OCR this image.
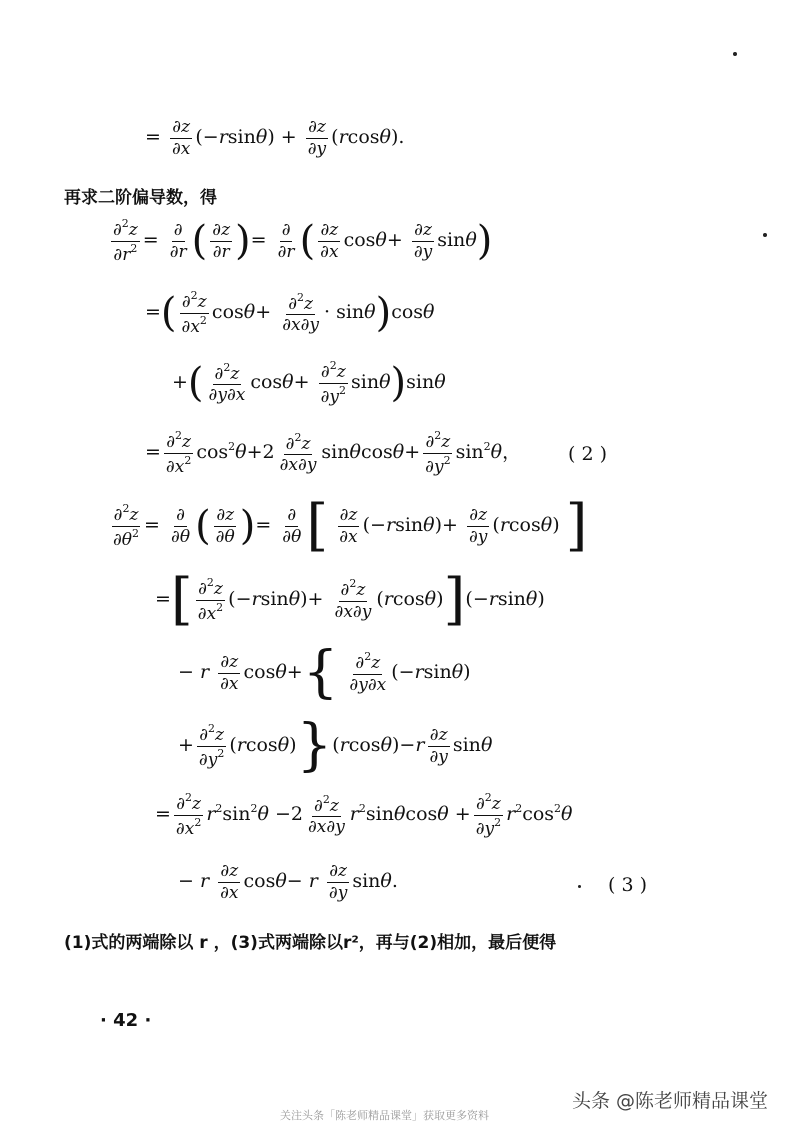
= $\frac{\partial z}{\partial x} (-rsin\theta) + \frac{\partial z}{\partial y} (rcos\theta)$.
再求二阶偏导数，得
$\frac{\partial^2z}{\partial r^2} = \frac{\partial}{\partial r}$ ( $\frac{\partial z}{\partial r}$ )= $\frac{\partial}{\partial r}$ ( $\frac{\partial z}{\partial x} \cos\theta+ \frac{\partial z}{\partial y} \sin\theta$)
=( $\frac{\partial^2z}{\partial x^2} \cos\theta+ \frac{\partial^2z}{\partial x\partial y} \cdot \sin\theta)\cos\theta$
+( $\frac{\partial^2z}{\partial y\partial x} \cos\theta+ \frac{\partial^2z}{\partial y^2} \sin\theta)\sin\theta$
= $\frac{\partial^2z}{\partial x^2} \cos^2\theta+2 \frac{\partial^2z}{\partial x\partial y} \sin\theta\cos\theta+ \frac{\partial^2z}{\partial y^2} \sin^2\theta$， ( 2 )
$\frac{\partial^2z}{\partial\theta^2} = \frac{\partial}{\partial\theta}$ ( $\frac{\partial z}{\partial\theta}$ )= $\frac{\partial}{\partial\theta}$ [ $\frac{\partial z}{\partial x} (-rsin\theta)+ \frac{\partial z}{\partial y} (rcos\theta)$ ]
=[ $\frac{\partial^2z}{\partial x^2} (-rsin\theta)+ \frac{\partial^2z}{\partial x\partial y} (rcos\theta)](-rsin\theta)$
− r $\frac{\partial z}{\partial x} \cos\theta+\{ \frac{\partial^2z}{\partial y\partial x} (-rsin\theta)$
+ $\frac{\partial^2z}{\partial y^2} (rcos\theta)\}(rcos\theta)-r \frac{\partial z}{\partial y}$ sinθ
= $\frac{\partial^2z}{\partial x^2} r^2\sin^2\theta -2 \frac{\partial^2z}{\partial x\partial y} r^2\sin\theta\cos\theta + \frac{\partial^2z}{\partial y^2} r^2\cos^2\theta$
− r $\frac{\partial z}{\partial x} \cos\theta- r \frac{\partial z}{\partial y} \sin\theta$.	( 3 )
(1)式的两端除以 r ，(3)式两端除以r²，再与(2)相加，最后便得
· 42 ·
头条 @陈老师精品课堂
关注头条「陈老师精品课堂」获取更多资料
